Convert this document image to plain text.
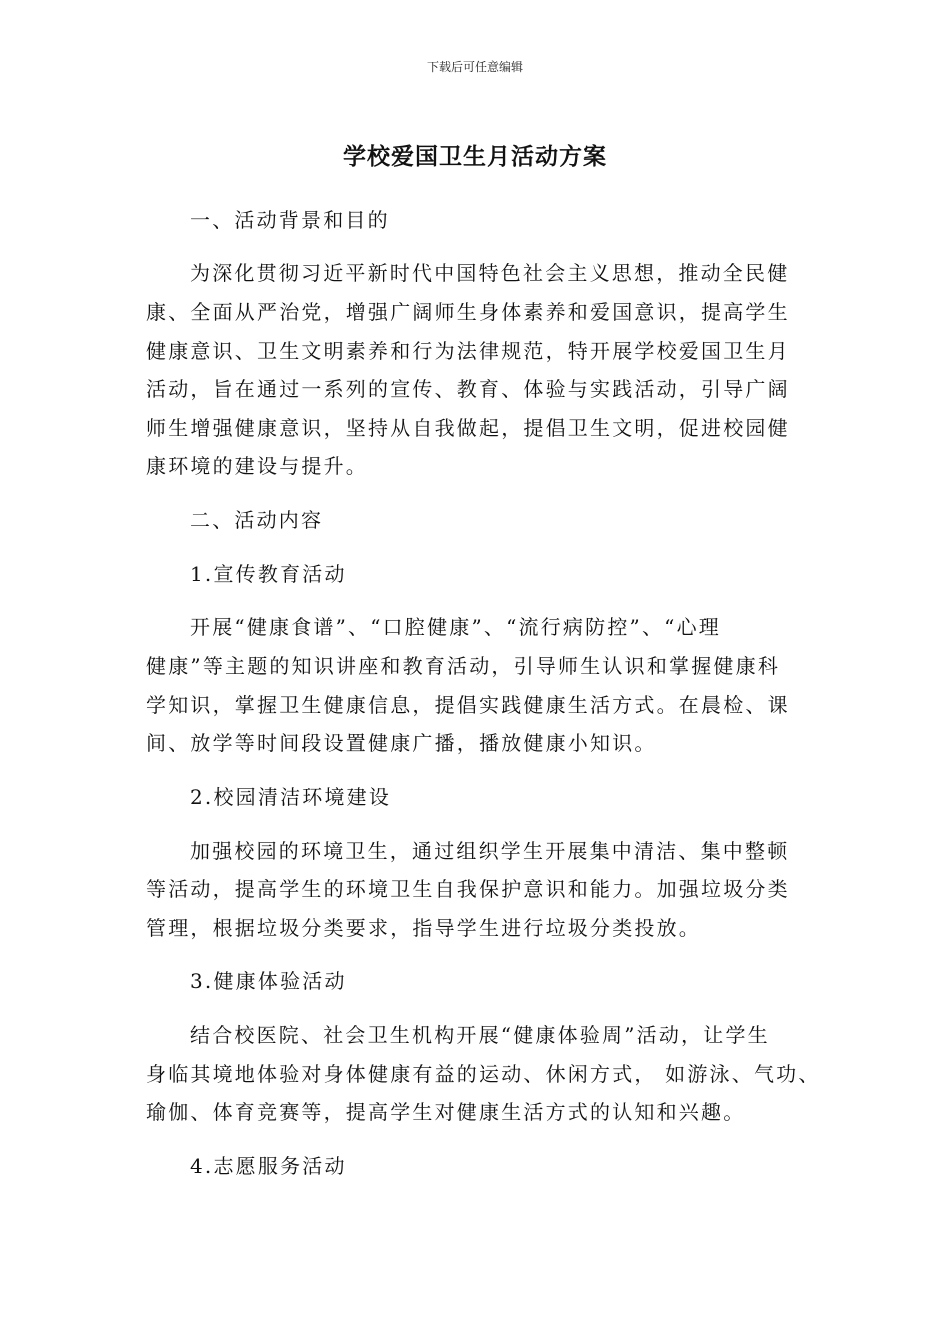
下载后可任意编辑
学校爱国卫生月活动方案
一、活动背景和目的
为深化贯彻习近平新时代中国特色社会主义思想，推动全民健
康、全面从严治党，增强广阔师生身体素养和爱国意识，提高学生
健康意识、卫生文明素养和行为法律规范，特开展学校爱国卫生月
活动，旨在通过一系列的宣传、教育、体验与实践活动，引导广阔
师生增强健康意识，坚持从自我做起，提倡卫生文明，促进校园健
康环境的建设与提升。
二、活动内容
1.宣传教育活动
开展“健康食谱”、“口腔健康”、“流行病防控”、“心理
健康”等主题的知识讲座和教育活动，引导师生认识和掌握健康科
学知识，掌握卫生健康信息，提倡实践健康生活方式。在晨检、课
间、放学等时间段设置健康广播，播放健康小知识。
2.校园清洁环境建设
加强校园的环境卫生，通过组织学生开展集中清洁、集中整顿
等活动，提高学生的环境卫生自我保护意识和能力。加强垃圾分类
管理，根据垃圾分类要求，指导学生进行垃圾分类投放。
3.健康体验活动
结合校医院、社会卫生机构开展“健康体验周”活动，让学生
身临其境地体验对身体健康有益的运动、休闲方式， 如游泳、气功、
瑜伽、体育竞赛等，提高学生对健康生活方式的认知和兴趣。
4.志愿服务活动
